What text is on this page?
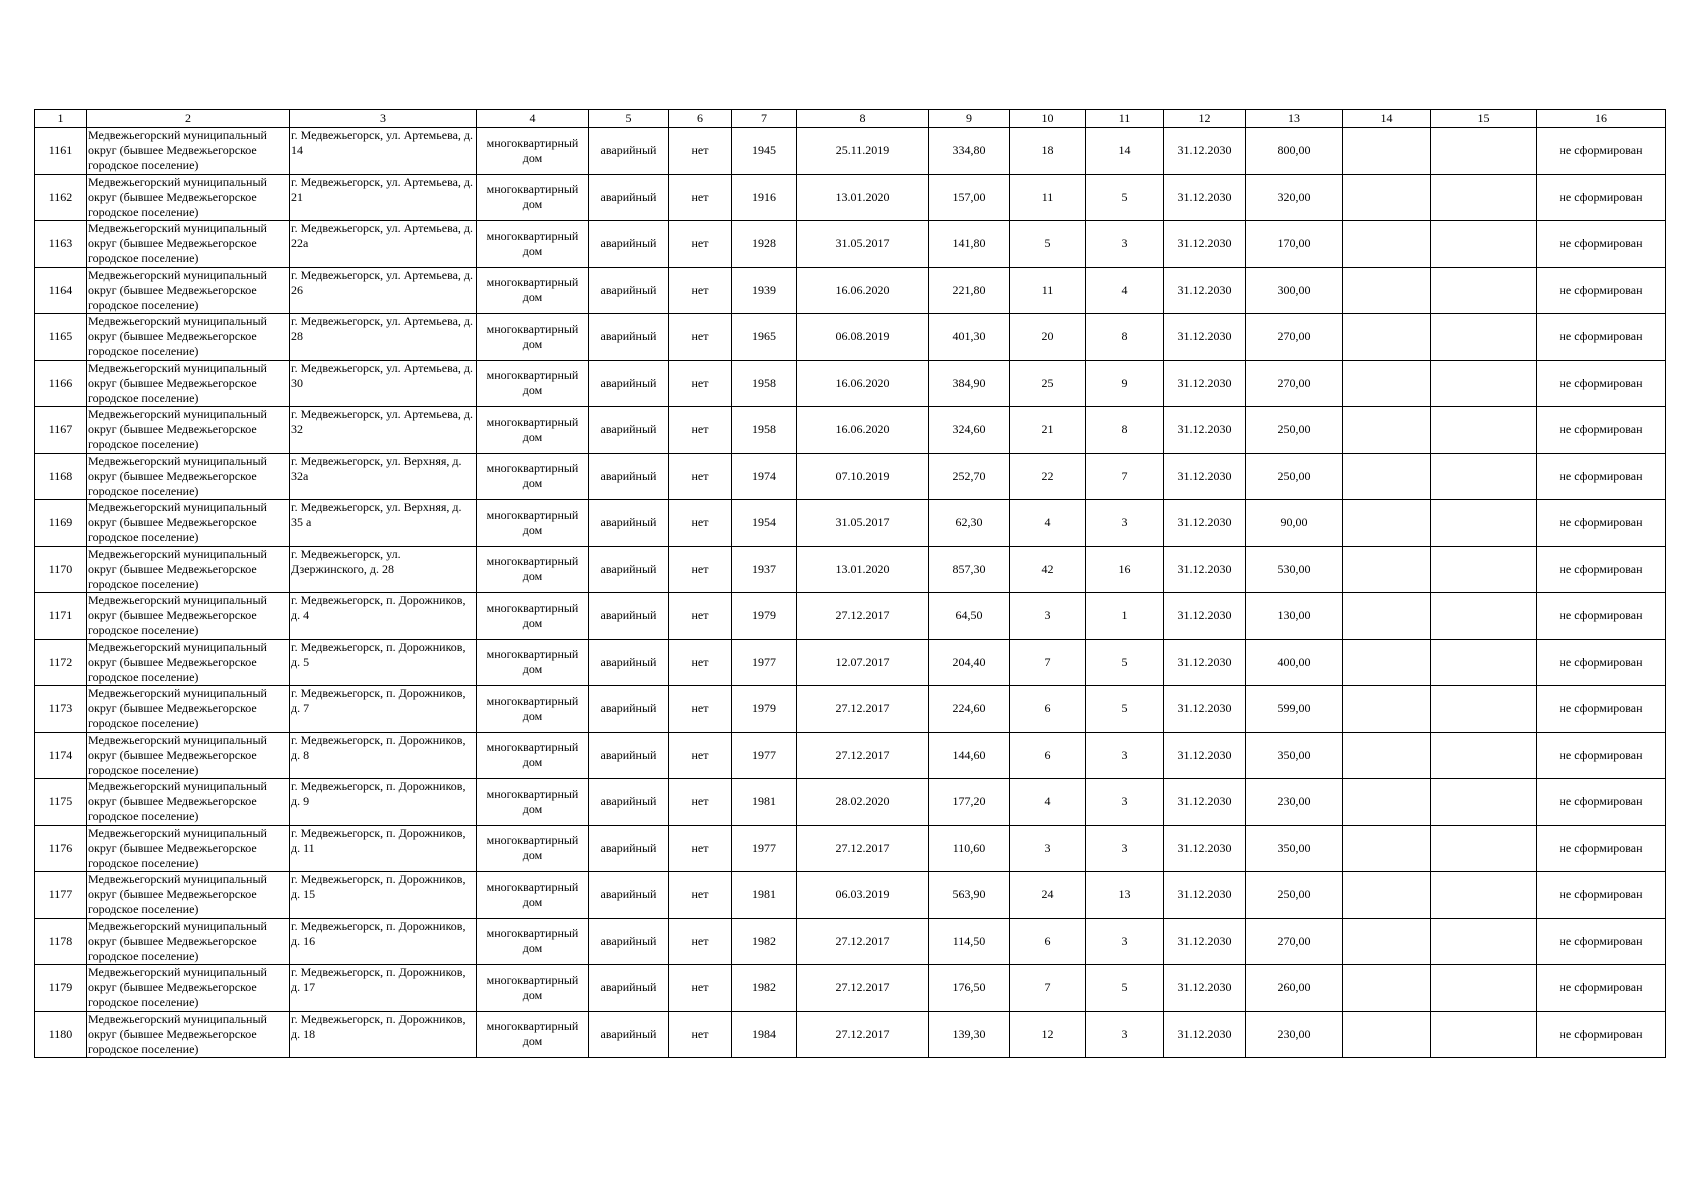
1	2	3	4	5	6	7	8	9	10	11	12	13	14	15	16
1161	Медвежьегорский муниципальный округ (бывшее Медвежьегорское городское поселение)	г. Медвежьегорск, ул. Артемьева, д. 14	многоквартирный дом	аварийный	нет	1945	25.11.2019	334,80	18	14	31.12.2030	800,00			не сформирован
1162	Медвежьегорский муниципальный округ (бывшее Медвежьегорское городское поселение)	г. Медвежьегорск, ул. Артемьева, д. 21	многоквартирный дом	аварийный	нет	1916	13.01.2020	157,00	11	5	31.12.2030	320,00			не сформирован
1163	Медвежьегорский муниципальный округ (бывшее Медвежьегорское городское поселение)	г. Медвежьегорск, ул. Артемьева, д. 22а	многоквартирный дом	аварийный	нет	1928	31.05.2017	141,80	5	3	31.12.2030	170,00			не сформирован
1164	Медвежьегорский муниципальный округ (бывшее Медвежьегорское городское поселение)	г. Медвежьегорск, ул. Артемьева, д. 26	многоквартирный дом	аварийный	нет	1939	16.06.2020	221,80	11	4	31.12.2030	300,00			не сформирован
1165	Медвежьегорский муниципальный округ (бывшее Медвежьегорское городское поселение)	г. Медвежьегорск, ул. Артемьева, д. 28	многоквартирный дом	аварийный	нет	1965	06.08.2019	401,30	20	8	31.12.2030	270,00			не сформирован
1166	Медвежьегорский муниципальный округ (бывшее Медвежьегорское городское поселение)	г. Медвежьегорск, ул. Артемьева, д. 30	многоквартирный дом	аварийный	нет	1958	16.06.2020	384,90	25	9	31.12.2030	270,00			не сформирован
1167	Медвежьегорский муниципальный округ (бывшее Медвежьегорское городское поселение)	г. Медвежьегорск, ул. Артемьева, д. 32	многоквартирный дом	аварийный	нет	1958	16.06.2020	324,60	21	8	31.12.2030	250,00			не сформирован
1168	Медвежьегорский муниципальный округ (бывшее Медвежьегорское городское поселение)	г. Медвежьегорск, ул. Верхняя, д. 32а	многоквартирный дом	аварийный	нет	1974	07.10.2019	252,70	22	7	31.12.2030	250,00			не сформирован
1169	Медвежьегорский муниципальный округ (бывшее Медвежьегорское городское поселение)	г. Медвежьегорск, ул. Верхняя, д. 35 а	многоквартирный дом	аварийный	нет	1954	31.05.2017	62,30	4	3	31.12.2030	90,00			не сформирован
1170	Медвежьегорский муниципальный округ (бывшее Медвежьегорское городское поселение)	г. Медвежьегорск, ул. Дзержинского, д. 28	многоквартирный дом	аварийный	нет	1937	13.01.2020	857,30	42	16	31.12.2030	530,00			не сформирован
1171	Медвежьегорский муниципальный округ (бывшее Медвежьегорское городское поселение)	г. Медвежьегорск, п. Дорожников, д. 4	многоквартирный дом	аварийный	нет	1979	27.12.2017	64,50	3	1	31.12.2030	130,00			не сформирован
1172	Медвежьегорский муниципальный округ (бывшее Медвежьегорское городское поселение)	г. Медвежьегорск, п. Дорожников, д. 5	многоквартирный дом	аварийный	нет	1977	12.07.2017	204,40	7	5	31.12.2030	400,00			не сформирован
1173	Медвежьегорский муниципальный округ (бывшее Медвежьегорское городское поселение)	г. Медвежьегорск, п. Дорожников, д. 7	многоквартирный дом	аварийный	нет	1979	27.12.2017	224,60	6	5	31.12.2030	599,00			не сформирован
1174	Медвежьегорский муниципальный округ (бывшее Медвежьегорское городское поселение)	г. Медвежьегорск, п. Дорожников, д. 8	многоквартирный дом	аварийный	нет	1977	27.12.2017	144,60	6	3	31.12.2030	350,00			не сформирован
1175	Медвежьегорский муниципальный округ (бывшее Медвежьегорское городское поселение)	г. Медвежьегорск, п. Дорожников, д. 9	многоквартирный дом	аварийный	нет	1981	28.02.2020	177,20	4	3	31.12.2030	230,00			не сформирован
1176	Медвежьегорский муниципальный округ (бывшее Медвежьегорское городское поселение)	г. Медвежьегорск, п. Дорожников, д. 11	многоквартирный дом	аварийный	нет	1977	27.12.2017	110,60	3	3	31.12.2030	350,00			не сформирован
1177	Медвежьегорский муниципальный округ (бывшее Медвежьегорское городское поселение)	г. Медвежьегорск, п. Дорожников, д. 15	многоквартирный дом	аварийный	нет	1981	06.03.2019	563,90	24	13	31.12.2030	250,00			не сформирован
1178	Медвежьегорский муниципальный округ (бывшее Медвежьегорское городское поселение)	г. Медвежьегорск, п. Дорожников, д. 16	многоквартирный дом	аварийный	нет	1982	27.12.2017	114,50	6	3	31.12.2030	270,00			не сформирован
1179	Медвежьегорский муниципальный округ (бывшее Медвежьегорское городское поселение)	г. Медвежьегорск, п. Дорожников, д. 17	многоквартирный дом	аварийный	нет	1982	27.12.2017	176,50	7	5	31.12.2030	260,00			не сформирован
1180	Медвежьегорский муниципальный округ (бывшее Медвежьегорское городское поселение)	г. Медвежьегорск, п. Дорожников, д. 18	многоквартирный дом	аварийный	нет	1984	27.12.2017	139,30	12	3	31.12.2030	230,00			не сформирован
